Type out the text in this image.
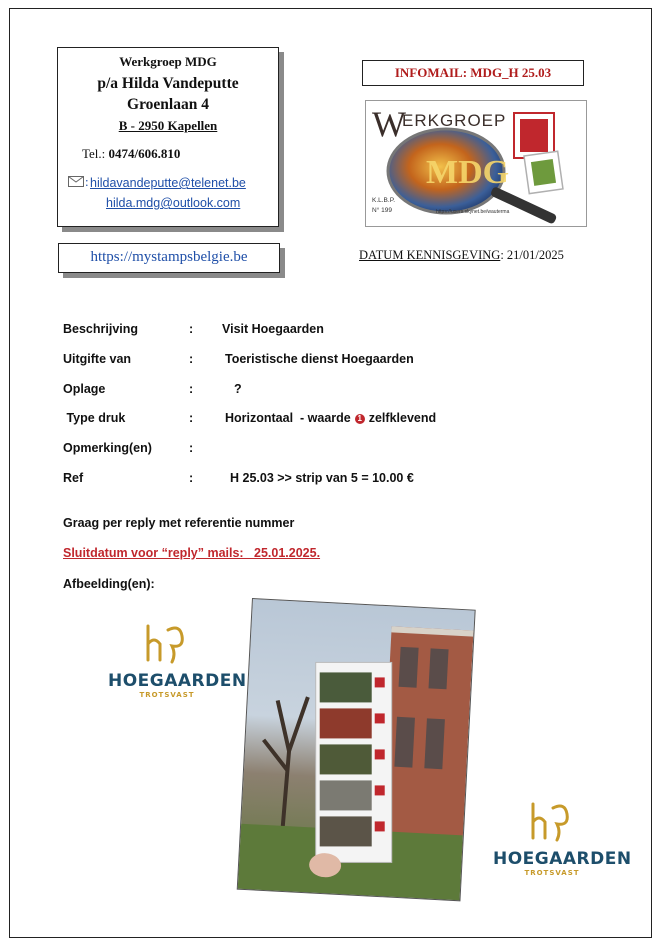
Werkgroep MDG
p/a Hilda Vandeputte
Groenlaan 4
B - 2950 Kapellen
Tel.: 0474/606.810
: hildavandeputte@telenet.be
hilda.mdg@outlook.com
https://mystampsbelgie.be
INFOMAIL: MDG_H 25.03
MDG
W
ERKGROEP
K.L.B.P.
N° 199	https://users.skynet.be/wauterma
DATUM KENNISGEVING: 21/01/2025
Beschrijving	: Visit Hoegaarden
Uitgifte van	:	Toeristische dienst Hoegaarden
Oplage	:	?
Type druk	:	Horizontaal  - waarde 1 zelfklevend
Opmerking(en)	:
Ref	:	H 25.03 >> strip van 5 = 10.00 €
Graag per reply met referentie nummer
Sluitdatum voor “reply” mails:   25.01.2025.
Afbeelding(en):
HOEGAARDEN
TROTSVAST
HOEGAARDEN
TROTSVAST
